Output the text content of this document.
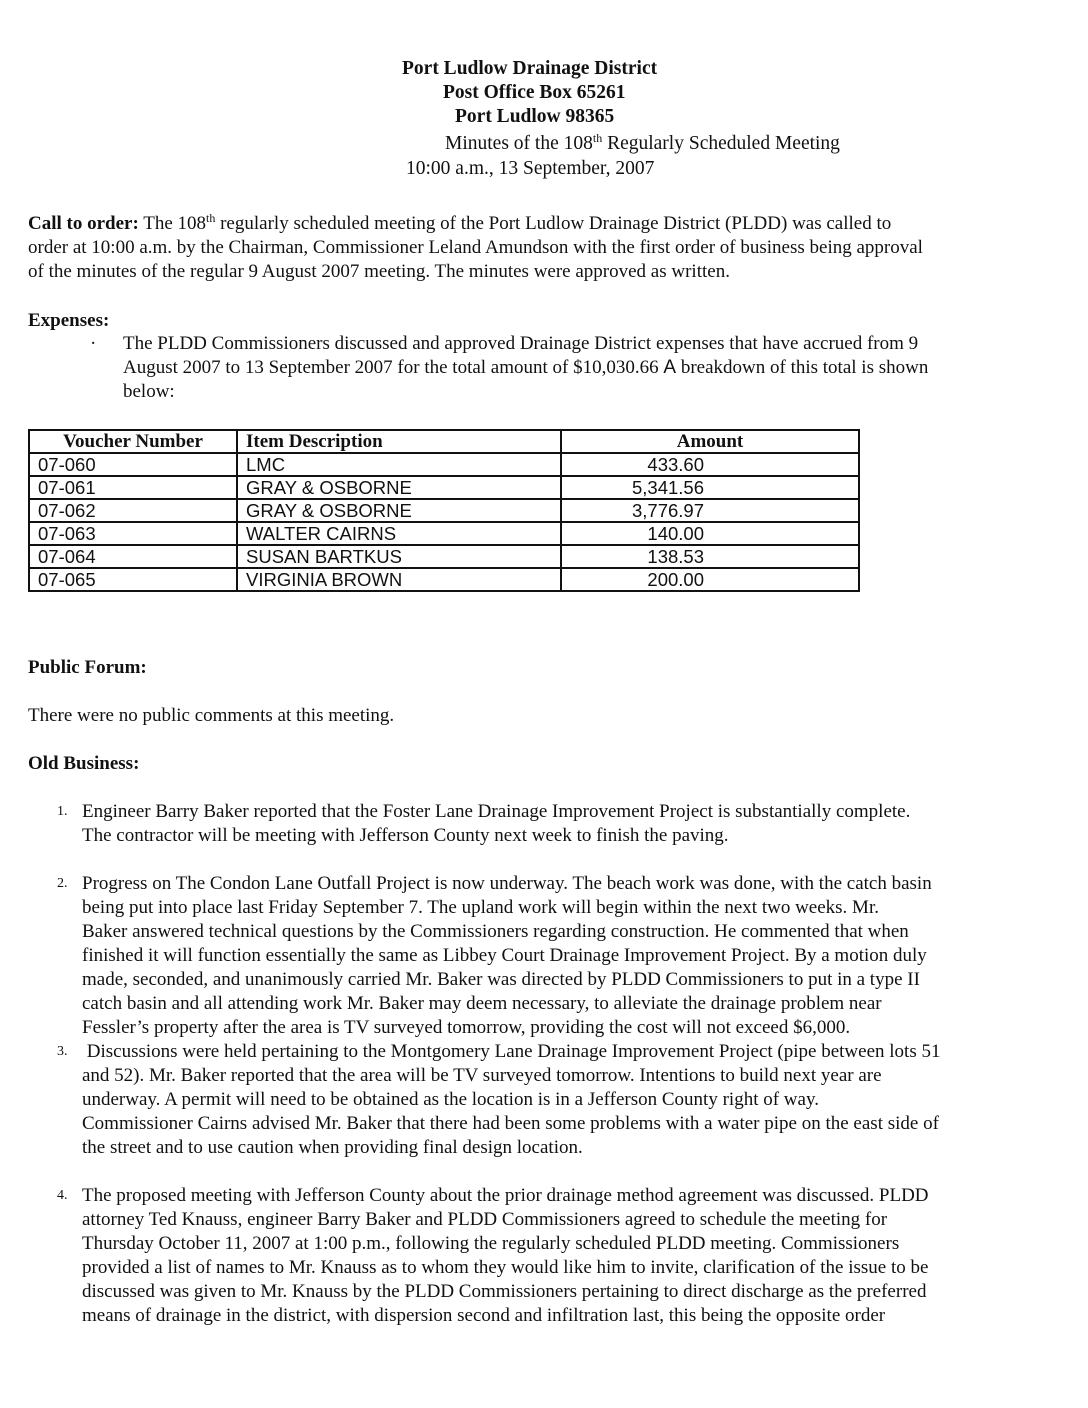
Port Ludlow Drainage District
Post Office Box 65261
Port Ludlow 98365
Minutes of the 108th Regularly Scheduled Meeting
10:00 a.m., 13 September, 2007
Call to order: The 108th regularly scheduled meeting of the Port Ludlow Drainage District (PLDD) was called to
order at 10:00 a.m. by the Chairman, Commissioner Leland Amundson with the first order of business being approval
of the minutes of the regular 9 August 2007 meeting. The minutes were approved as written.
Expenses:
· The PLDD Commissioners discussed and approved Drainage District expenses that have accrued from 9
August 2007 to 13 September 2007 for the total amount of $10,030.66 A breakdown of this total is shown
below:
Voucher Number	Item Description	Amount
07-060	LMC	433.60
07-061	GRAY & OSBORNE	5,341.56
07-062	GRAY & OSBORNE	3,776.97
07-063	WALTER CAIRNS	140.00
07-064	SUSAN BARTKUS	138.53
07-065	VIRGINIA BROWN	200.00
Public Forum:
There were no public comments at this meeting.
Old Business:
1. Engineer Barry Baker reported that the Foster Lane Drainage Improvement Project is substantially complete.
The contractor will be meeting with Jefferson County next week to finish the paving.
2. Progress on The Condon Lane Outfall Project is now underway. The beach work was done, with the catch basin
being put into place last Friday September 7. The upland work will begin within the next two weeks. Mr.
Baker answered technical questions by the Commissioners regarding construction. He commented that when
finished it will function essentially the same as Libbey Court Drainage Improvement Project. By a motion duly
made, seconded, and unanimously carried Mr. Baker was directed by PLDD Commissioners to put in a type II
catch basin and all attending work Mr. Baker may deem necessary, to alleviate the drainage problem near
Fessler’s property after the area is TV surveyed tomorrow, providing the cost will not exceed $6,000.
3. Discussions were held pertaining to the Montgomery Lane Drainage Improvement Project (pipe between lots 51
and 52). Mr. Baker reported that the area will be TV surveyed tomorrow. Intentions to build next year are
underway. A permit will need to be obtained as the location is in a Jefferson County right of way.
Commissioner Cairns advised Mr. Baker that there had been some problems with a water pipe on the east side of
the street and to use caution when providing final design location.
4. The proposed meeting with Jefferson County about the prior drainage method agreement was discussed. PLDD
attorney Ted Knauss, engineer Barry Baker and PLDD Commissioners agreed to schedule the meeting for
Thursday October 11, 2007 at 1:00 p.m., following the regularly scheduled PLDD meeting. Commissioners
provided a list of names to Mr. Knauss as to whom they would like him to invite, clarification of the issue to be
discussed was given to Mr. Knauss by the PLDD Commissioners pertaining to direct discharge as the preferred
means of drainage in the district, with dispersion second and infiltration last, this being the opposite order
